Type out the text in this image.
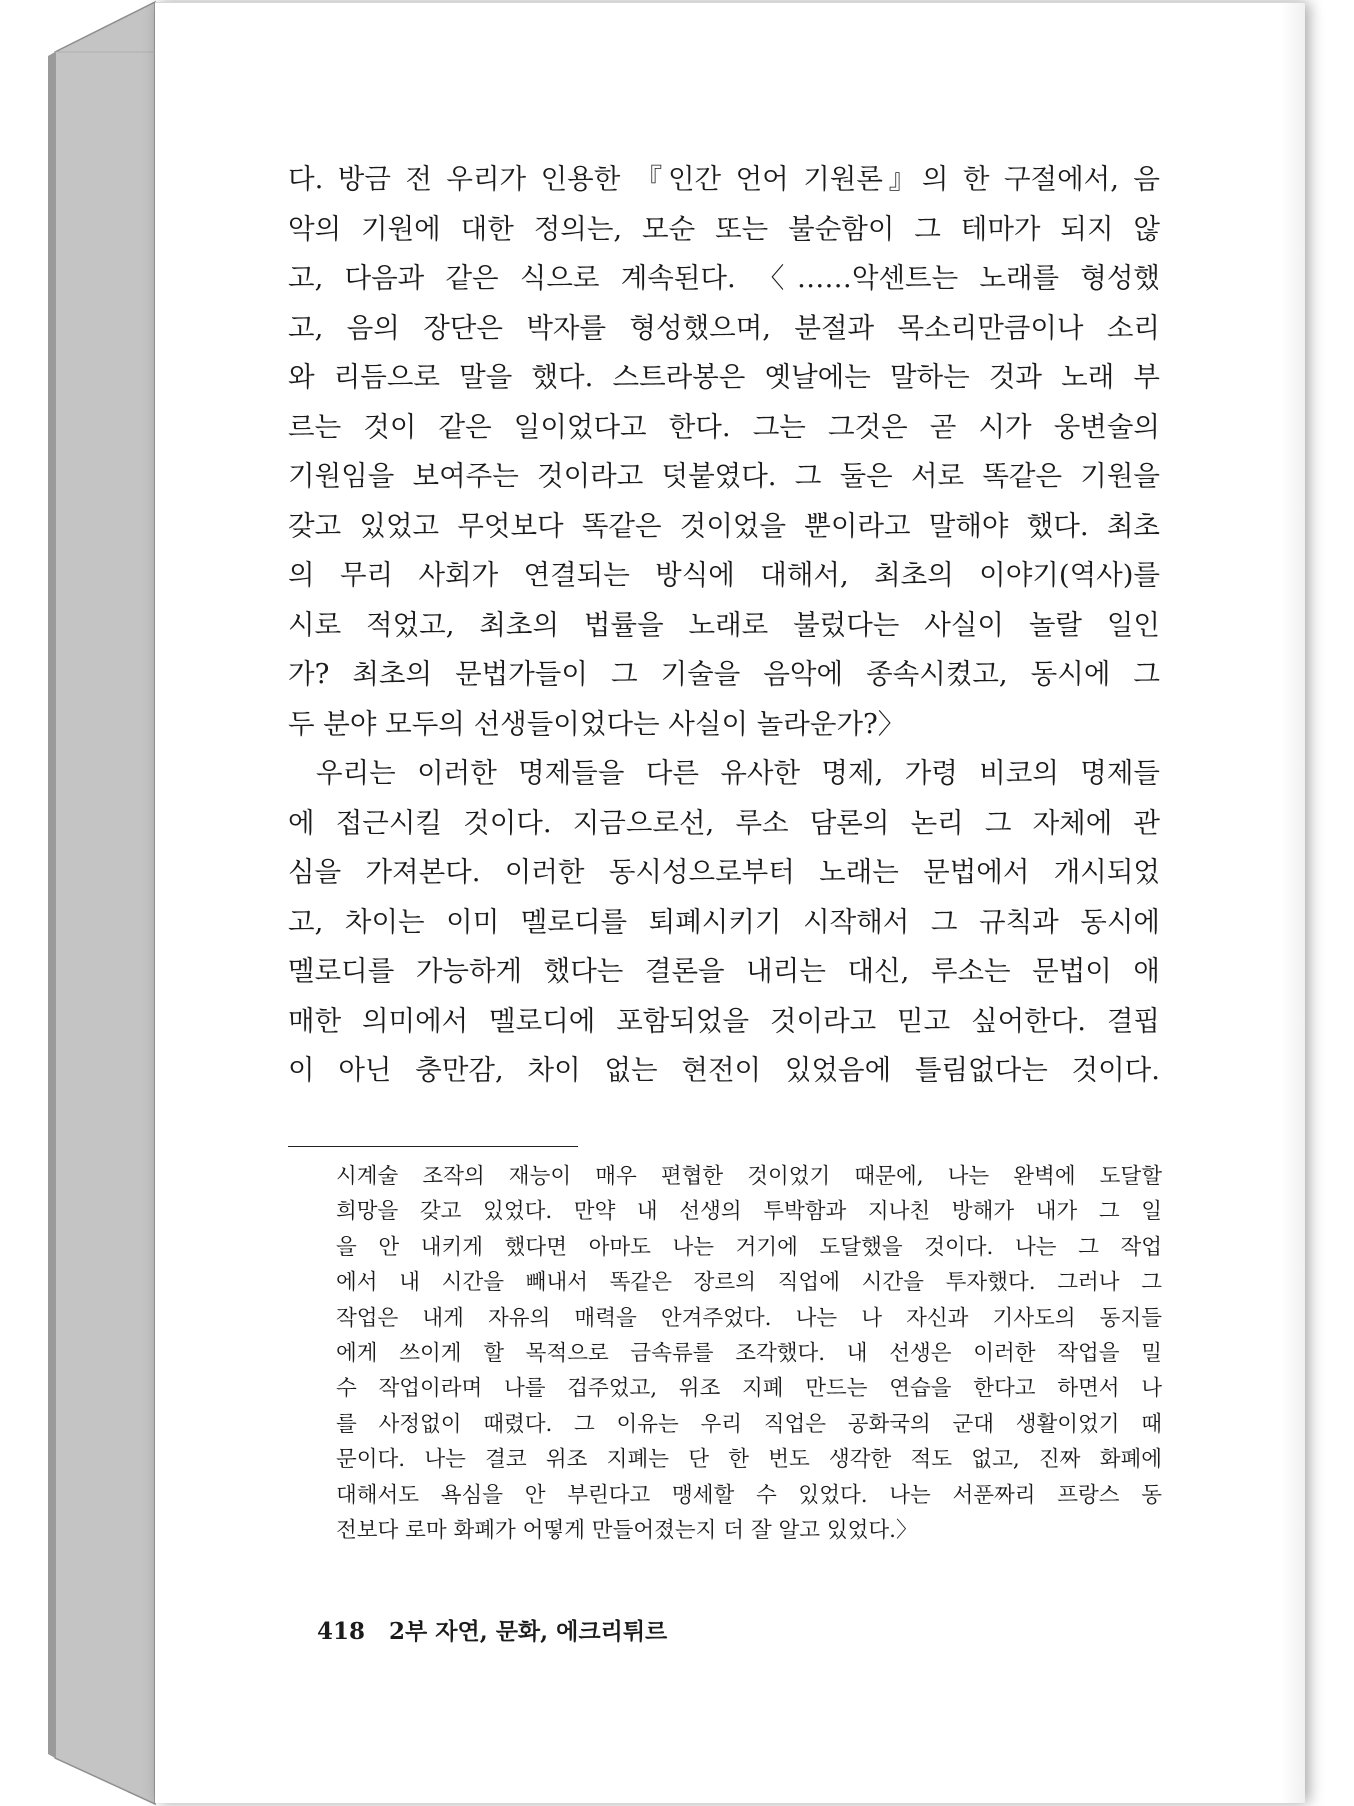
다. 방금 전 우리가 인용한 『인간 언어 기원론』의 한 구절에서, 음
악의 기원에 대한 정의는, 모순 또는 불순함이 그 테마가 되지 않
고, 다음과 같은 식으로 계속된다. 〈……악센트는 노래를 형성했
고, 음의 장단은 박자를 형성했으며, 분절과 목소리만큼이나 소리
와 리듬으로 말을 했다. 스트라봉은 옛날에는 말하는 것과 노래 부
르는 것이 같은 일이었다고 한다. 그는 그것은 곧 시가 웅변술의
기원임을 보여주는 것이라고 덧붙였다. 그 둘은 서로 똑같은 기원을
갖고 있었고 무엇보다 똑같은 것이었을 뿐이라고 말해야 했다. 최초
의 무리 사회가 연결되는 방식에 대해서, 최초의 이야기(역사)를
시로 적었고, 최초의 법률을 노래로 불렀다는 사실이 놀랄 일인
가? 최초의 문법가들이 그 기술을 음악에 종속시켰고, 동시에 그
두 분야 모두의 선생들이었다는 사실이 놀라운가?〉
우리는 이러한 명제들을 다른 유사한 명제, 가령 비코의 명제들
에 접근시킬 것이다. 지금으로선, 루소 담론의 논리 그 자체에 관
심을 가져본다. 이러한 동시성으로부터 노래는 문법에서 개시되었
고, 차이는 이미 멜로디를 퇴폐시키기 시작해서 그 규칙과 동시에
멜로디를 가능하게 했다는 결론을 내리는 대신, 루소는 문법이 애
매한 의미에서 멜로디에 포함되었을 것이라고 믿고 싶어한다. 결핍
이 아닌 충만감, 차이 없는 현전이 있었음에 틀림없다는 것이다.
시계술 조작의 재능이 매우 편협한 것이었기 때문에, 나는 완벽에 도달할
희망을 갖고 있었다. 만약 내 선생의 투박함과 지나친 방해가 내가 그 일
을 안 내키게 했다면 아마도 나는 거기에 도달했을 것이다. 나는 그 작업
에서 내 시간을 빼내서 똑같은 장르의 직업에 시간을 투자했다. 그러나 그
작업은 내게 자유의 매력을 안겨주었다. 나는 나 자신과 기사도의 동지들
에게 쓰이게 할 목적으로 금속류를 조각했다. 내 선생은 이러한 작업을 밀
수 작업이라며 나를 겁주었고, 위조 지폐 만드는 연습을 한다고 하면서 나
를 사정없이 때렸다. 그 이유는 우리 직업은 공화국의 군대 생활이었기 때
문이다. 나는 결코 위조 지폐는 단 한 번도 생각한 적도 없고, 진짜 화폐에
대해서도 욕심을 안 부린다고 맹세할 수 있었다. 나는 서푼짜리 프랑스 동
전보다 로마 화폐가 어떻게 만들어졌는지 더 잘 알고 있었다.〉
418 2부 자연, 문화, 에크리튀르
